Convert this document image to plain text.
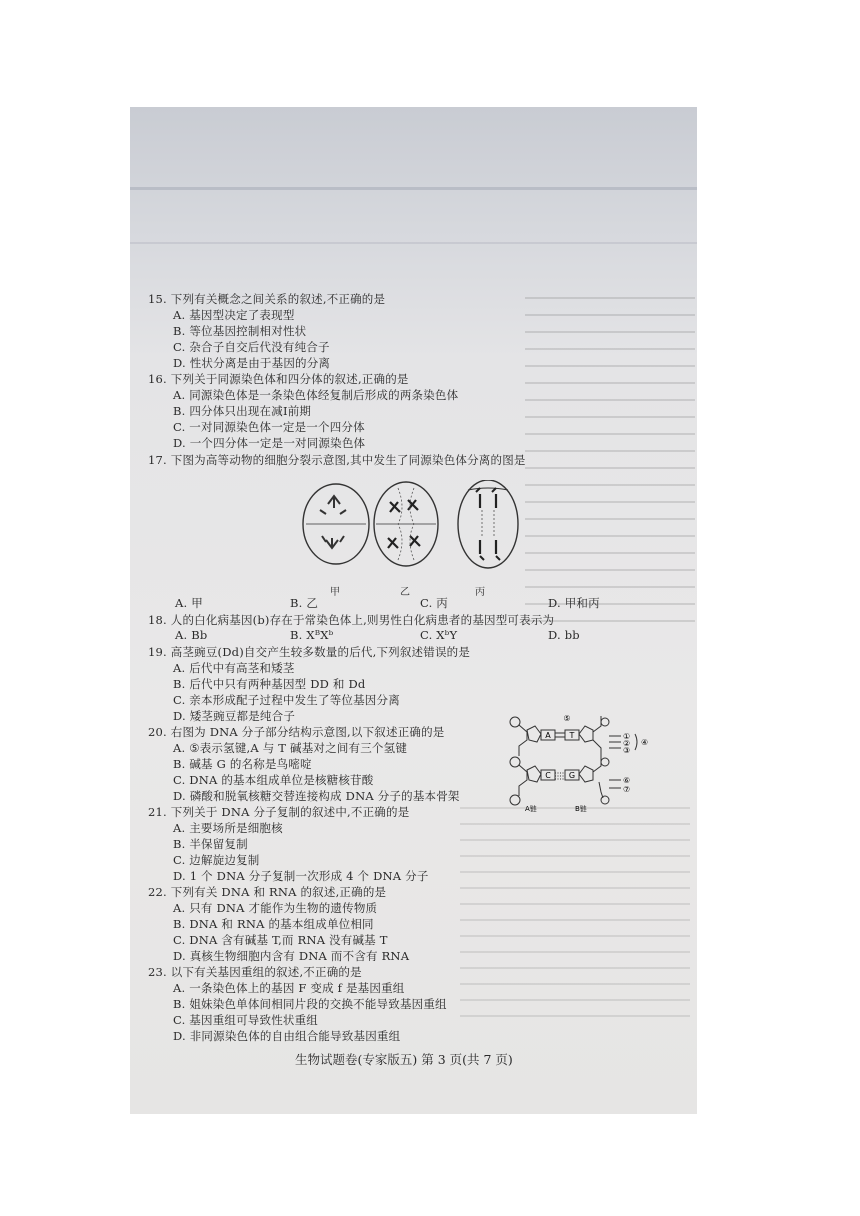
15. 下列有关概念之间关系的叙述,不正确的是
A. 基因型决定了表现型
B. 等位基因控制相对性状
C. 杂合子自交后代没有纯合子
D. 性状分离是由于基因的分离
16. 下列关于同源染色体和四分体的叙述,正确的是
A. 同源染色体是一条染色体经复制后形成的两条染色体
B. 四分体只出现在减Ⅰ前期
C. 一对同源染色体一定是一个四分体
D. 一个四分体一定是一对同源染色体
17. 下图为高等动物的细胞分裂示意图,其中发生了同源染色体分离的图是
甲	乙	丙
A. 甲	B. 乙	C. 丙	D. 甲和丙
18. 人的白化病基因(b)存在于常染色体上,则男性白化病患者的基因型可表示为
A. Bb	B. XᴮXᵇ	C. XᵇY	D. bb
19. 高茎豌豆(Dd)自交产生较多数量的后代,下列叙述错误的是
A. 后代中有高茎和矮茎
B. 后代中只有两种基因型 DD 和 Dd
C. 亲本形成配子过程中发生了等位基因分离
D. 矮茎豌豆都是纯合子
20. 右图为 DNA 分子部分结构示意图,以下叙述正确的是
A. ⑤表示氢键,A 与 T 碱基对之间有三个氢键
B. 碱基 G 的名称是鸟嘧啶
C. DNA 的基本组成单位是核糖核苷酸
D. 磷酸和脱氧核糖交替连接构成 DNA 分子的基本骨架
A T
C G
⑤
①
②
③
④
⑥
⑦
A链	B链
21. 下列关于 DNA 分子复制的叙述中,不正确的是
A. 主要场所是细胞核
B. 半保留复制
C. 边解旋边复制
D. 1 个 DNA 分子复制一次形成 4 个 DNA 分子
22. 下列有关 DNA 和 RNA 的叙述,正确的是
A. 只有 DNA 才能作为生物的遗传物质
B. DNA 和 RNA 的基本组成单位相同
C. DNA 含有碱基 T,而 RNA 没有碱基 T
D. 真核生物细胞内含有 DNA 而不含有 RNA
23. 以下有关基因重组的叙述,不正确的是
A. 一条染色体上的基因 F 变成 f 是基因重组
B. 姐妹染色单体间相同片段的交换不能导致基因重组
C. 基因重组可导致性状重组
D. 非同源染色体的自由组合能导致基因重组
生物试题卷(专家版五) 第 3 页(共 7 页)
